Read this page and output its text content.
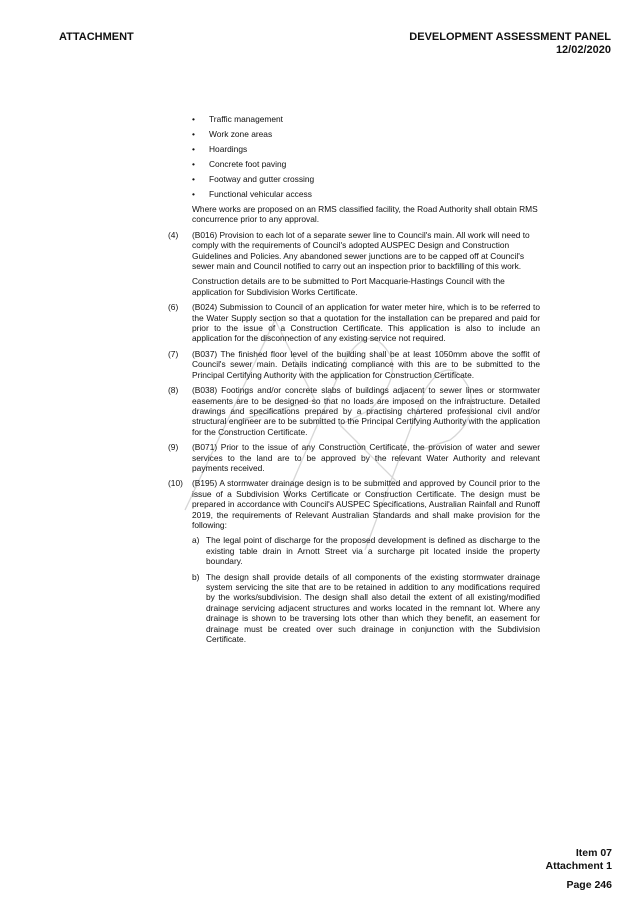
ATTACHMENT	DEVELOPMENT ASSESSMENT PANEL
12/02/2020
• Traffic management
• Work zone areas
• Hoardings
• Concrete foot paving
• Footway and gutter crossing
• Functional vehicular access

Where works are proposed on an RMS classified facility, the Road Authority shall obtain RMS concurrence prior to any approval.

(4) (B016) Provision to each lot of a separate sewer line to Council's main. All work will need to comply with the requirements of Council's adopted AUSPEC Design and Construction Guidelines and Policies. Any abandoned sewer junctions are to be capped off at Council's sewer main and Council notified to carry out an inspection prior to backfilling of this work.

Construction details are to be submitted to Port Macquarie-Hastings Council with the application for Subdivision Works Certificate.

(6) (B024) Submission to Council of an application for water meter hire, which is to be referred to the Water Supply section so that a quotation for the installation can be prepared and paid for prior to the issue of a Construction Certificate. This application is also to include an application for the disconnection of any existing service not required.

(7) (B037) The finished floor level of the building shall be at least 1050mm above the soffit of Council's sewer main. Details indicating compliance with this are to be submitted to the Principal Certifying Authority with the application for Construction Certificate.

(8) (B038) Footings and/or concrete slabs of buildings adjacent to sewer lines or stormwater easements are to be designed so that no loads are imposed on the infrastructure. Detailed drawings and specifications prepared by a practising chartered professional civil and/or structural engineer are to be submitted to the Principal Certifying Authority with the application for the Construction Certificate.

(9) (B071) Prior to the issue of any Construction Certificate, the provision of water and sewer services to the land are to be approved by the relevant Water Authority and relevant payments received.

(10) (B195) A stormwater drainage design is to be submitted and approved by Council prior to the issue of a Subdivision Works Certificate or Construction Certificate. The design must be prepared in accordance with Council's AUSPEC Specifications, Australian Rainfall and Runoff 2019, the requirements of Relevant Australian Standards and shall make provision for the following:

a) The legal point of discharge for the proposed development is defined as discharge to the existing table drain in Arnott Street via a surcharge pit located inside the property boundary.

b) The design shall provide details of all components of the existing stormwater drainage system servicing the site that are to be retained in addition to any modifications required by the works/subdivision. The design shall also detail the extent of all existing/modified drainage servicing adjacent structures and works located in the remnant lot. Where any drainage is shown to be traversing lots other than which they benefit, an easement for drainage must be created over such drainage in conjunction with the Subdivision Certificate.

Item 07
Attachment 1
Page 246
